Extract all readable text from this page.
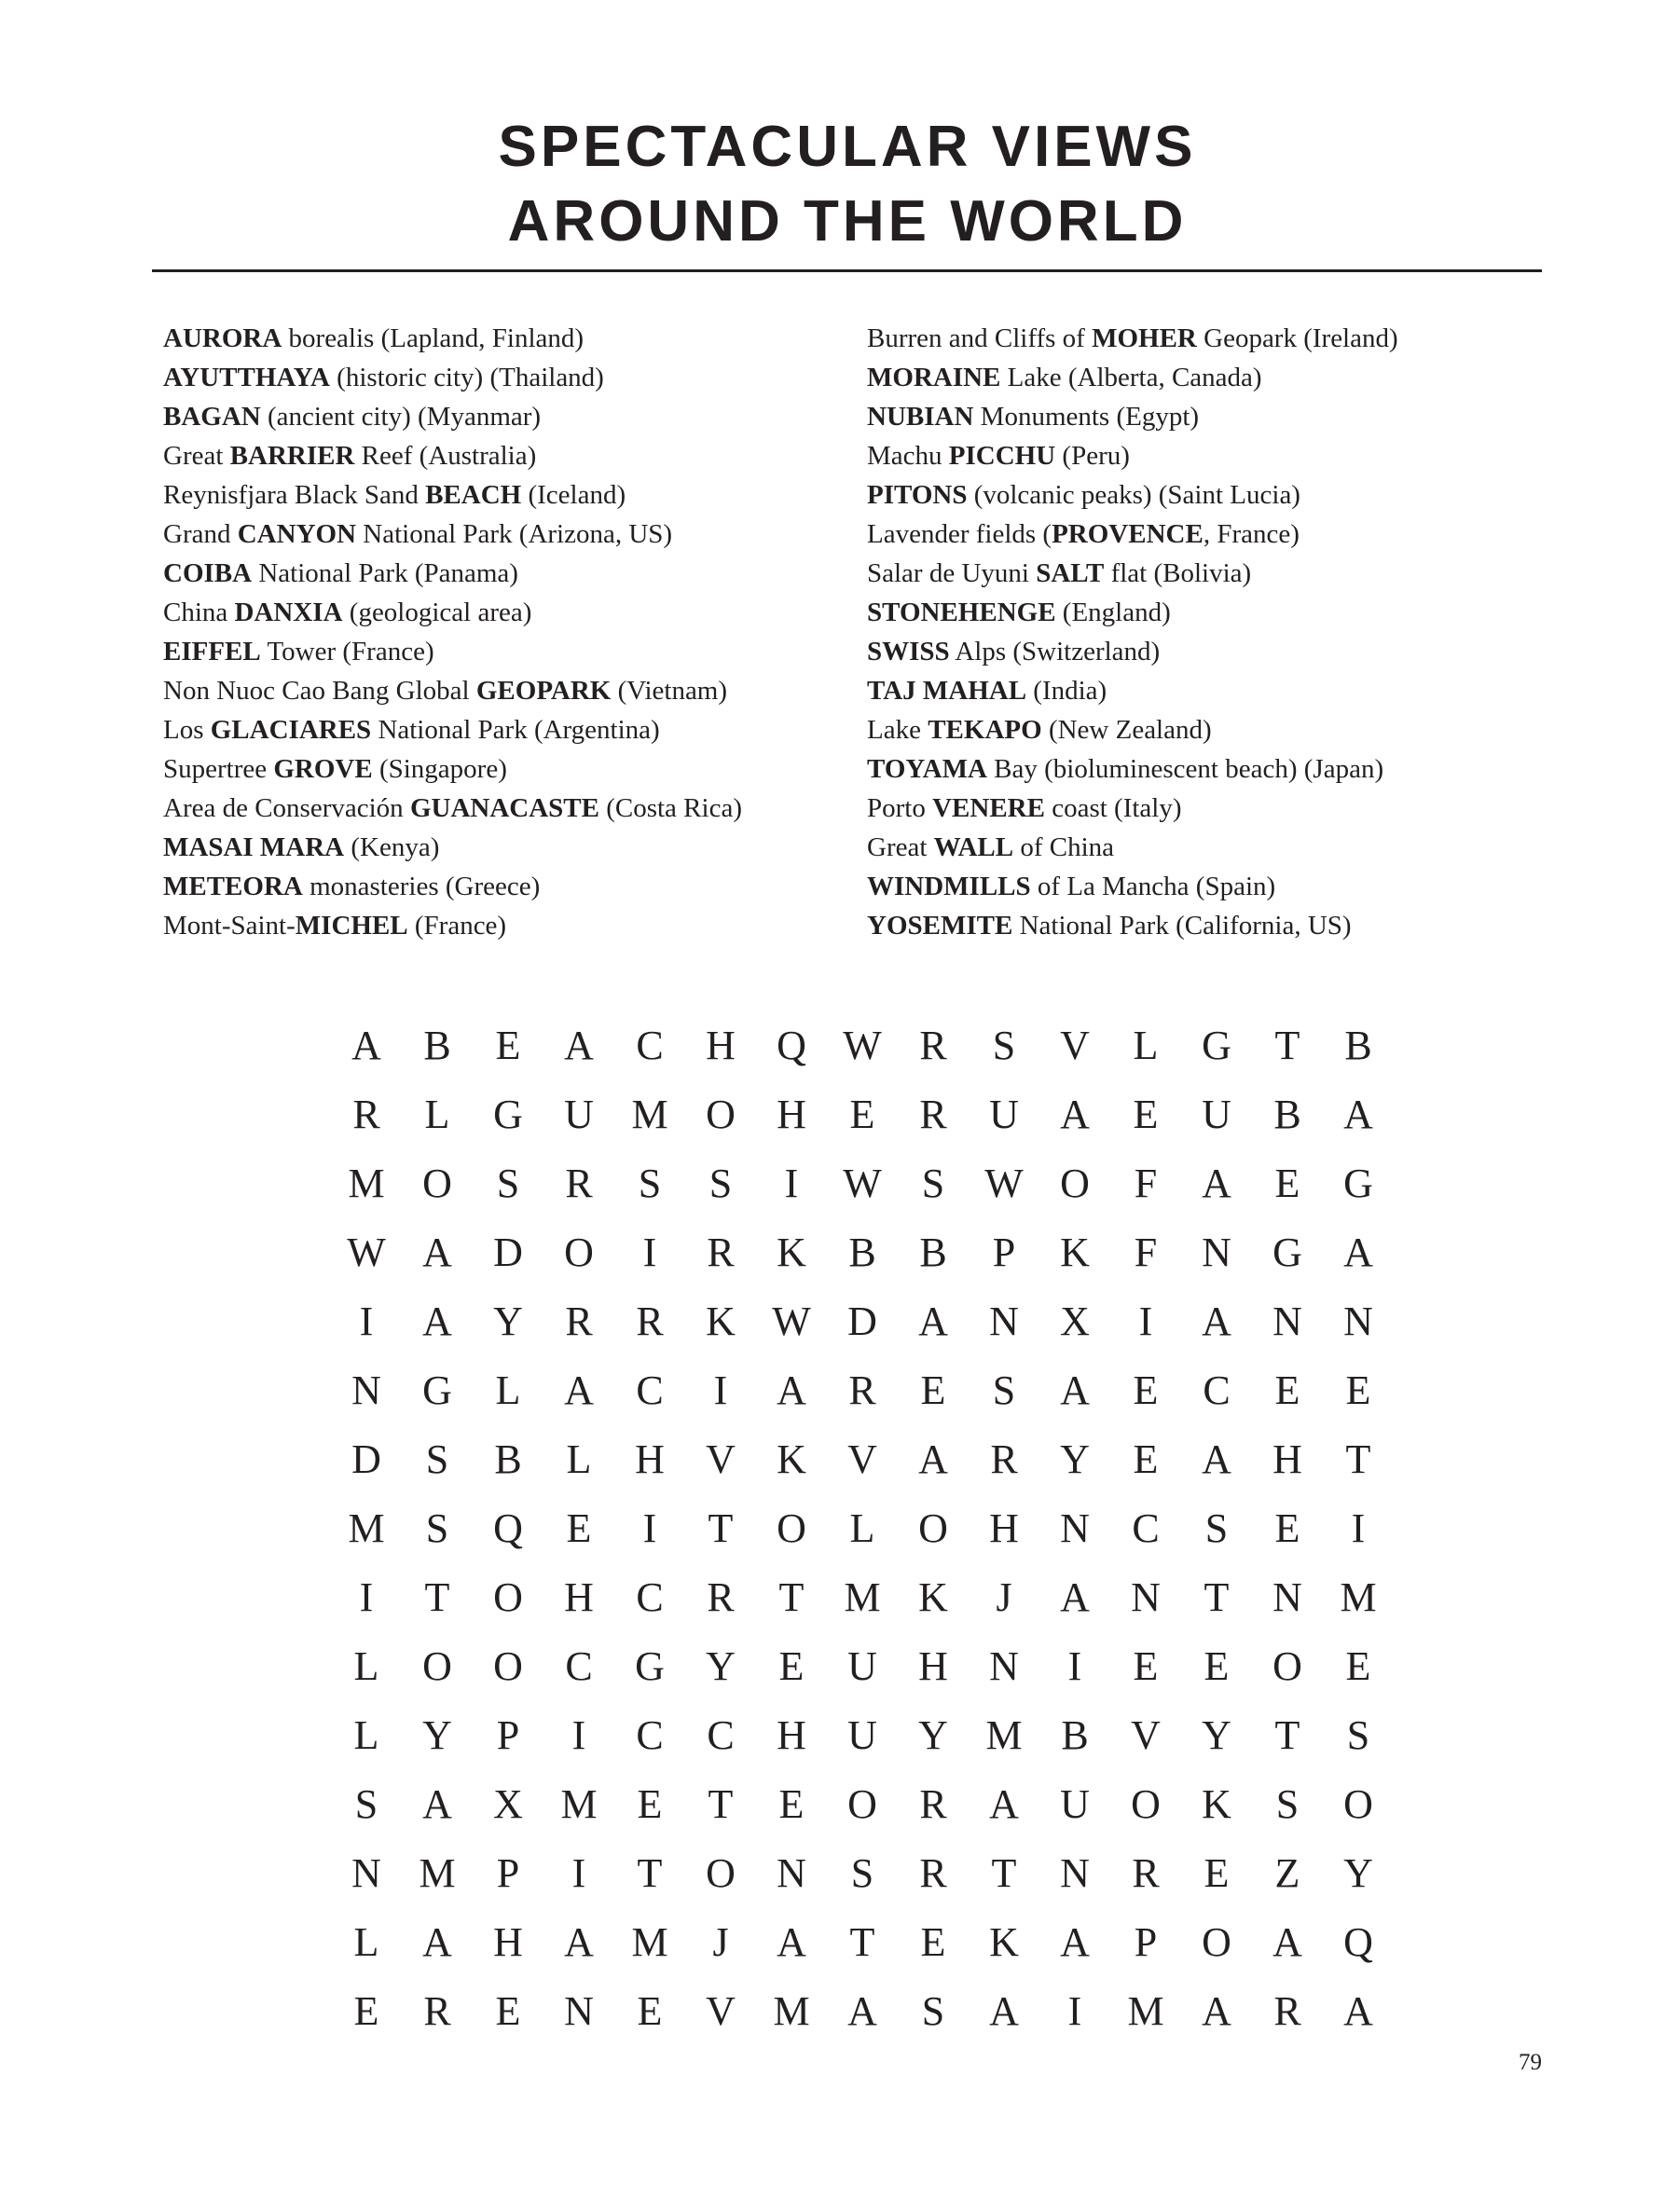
SPECTACULAR VIEWS
AROUND THE WORLD
AURORA borealis (Lapland, Finland)
AYUTTHAYA (historic city) (Thailand)
BAGAN (ancient city) (Myanmar)
Great BARRIER Reef (Australia)
Reynisfjara Black Sand BEACH (Iceland)
Grand CANYON National Park (Arizona, US)
COIBA National Park (Panama)
China DANXIA (geological area)
EIFFEL Tower (France)
Non Nuoc Cao Bang Global GEOPARK (Vietnam)
Los GLACIARES National Park (Argentina)
Supertree GROVE (Singapore)
Area de Conservación GUANACASTE (Costa Rica)
MASAI MARA (Kenya)
METEORA monasteries (Greece)
Mont-Saint-MICHEL (France)
Burren and Cliffs of MOHER Geopark (Ireland)
MORAINE Lake (Alberta, Canada)
NUBIAN Monuments (Egypt)
Machu PICCHU (Peru)
PITONS (volcanic peaks) (Saint Lucia)
Lavender fields (PROVENCE, France)
Salar de Uyuni SALT flat (Bolivia)
STONEHENGE (England)
SWISS Alps (Switzerland)
TAJ MAHAL (India)
Lake TEKAPO (New Zealand)
TOYAMA Bay (bioluminescent beach) (Japan)
Porto VENERE coast (Italy)
Great WALL of China
WINDMILLS of La Mancha (Spain)
YOSEMITE National Park (California, US)
A	B	E	A	C	H	Q W R	S	V	L	G	T	B
R	L	G	U M O	H	E	R	U	A	E	U	B	A
M O	S	R	S	S	I	W S W O	F	A	E	G
W A	D	O	I	R	K	B	B	P	K	F	N	G	A
I	A	Y	R	R	K W D	A	N	X	I	A	N	N
N	G	L	A	C	I	A	R	E	S	A	E	C	E	E
D	S	B	L	H	V	K	V	A	R	Y	E	A	H	T
M	S	Q	E	I	T	O	L	O	H	N	C	S	E	I
I	T	O	H	C	R	T M K	J	A	N	T	N M
L	O	O	C	G	Y	E	U	H	N	I	E	E	O	E
L	Y	P	I	C	C	H	U	Y M B	V	Y	T	S
S	A	X M E	T	E	O	R	A	U	O	K	S	O
N M	P	I	T	O	N	S	R	T	N	R	E	Z	Y
L	A	H	A M	J	A	T	E	K	A	P	O	A	Q
E	R	E	N	E	V M A	S	A	I	M A	R	A
79
